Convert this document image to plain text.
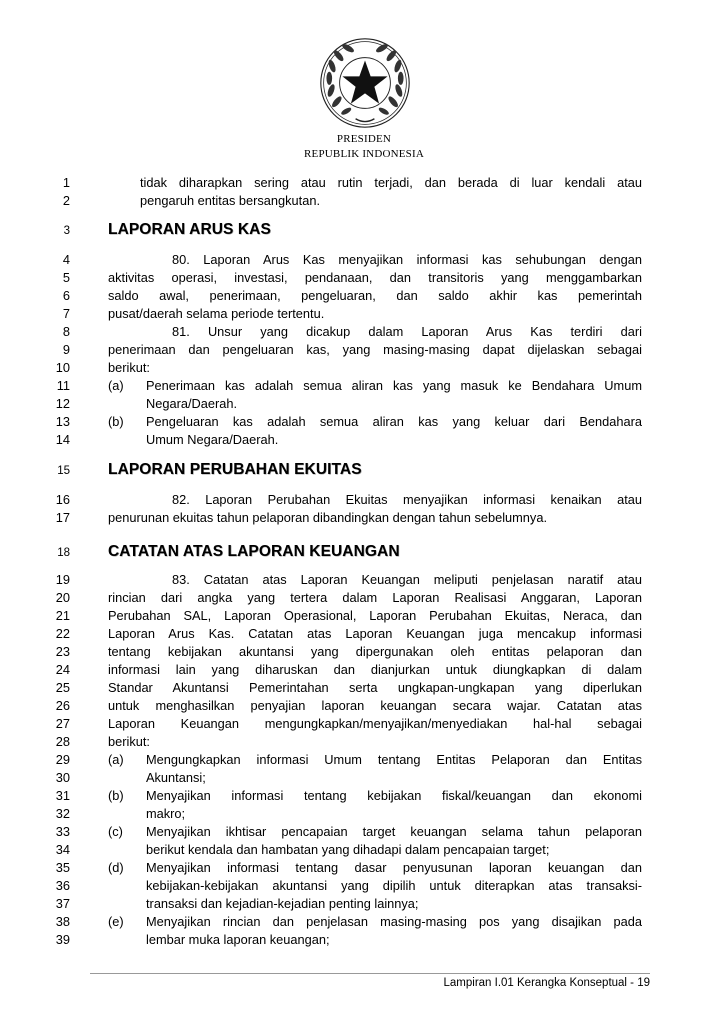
PRESIDEN
REPUBLIK INDONESIA
1
2
3
4
5
6
7
8
9
10
11
12
13
14
15
16
17
18
19
20
21
22
23
24
25
26
27
28
29
30
31
32
33
34
35
36
37
38
39
tidak diharapkan sering atau rutin terjadi, dan berada di luar kendali atau
pengaruh entitas bersangkutan.
LAPORAN ARUS KAS
80. Laporan Arus Kas menyajikan informasi kas sehubungan dengan
aktivitas operasi, investasi, pendanaan, dan transitoris yang menggambarkan
saldo awal, penerimaan, pengeluaran, dan saldo akhir kas pemerintah
pusat/daerah selama periode tertentu.
81. Unsur yang dicakup dalam Laporan Arus Kas terdiri dari
penerimaan dan pengeluaran kas, yang masing-masing dapat dijelaskan sebagai
berikut:
(a) Penerimaan kas adalah semua aliran kas yang masuk ke Bendahara Umum
Negara/Daerah.
(b) Pengeluaran kas adalah semua aliran kas yang keluar dari Bendahara
Umum Negara/Daerah.
LAPORAN PERUBAHAN EKUITAS
82. Laporan Perubahan Ekuitas menyajikan informasi kenaikan atau
penurunan ekuitas tahun pelaporan dibandingkan dengan tahun sebelumnya.
CATATAN ATAS LAPORAN KEUANGAN
83. Catatan atas Laporan Keuangan meliputi penjelasan naratif atau
rincian dari angka yang tertera dalam Laporan Realisasi Anggaran, Laporan
Perubahan SAL, Laporan Operasional, Laporan Perubahan Ekuitas, Neraca, dan
Laporan Arus Kas. Catatan atas Laporan Keuangan juga mencakup informasi
tentang kebijakan akuntansi yang dipergunakan oleh entitas pelaporan dan
informasi lain yang diharuskan dan dianjurkan untuk diungkapkan di dalam
Standar Akuntansi Pemerintahan serta ungkapan-ungkapan yang diperlukan
untuk menghasilkan penyajian laporan keuangan secara wajar. Catatan atas
Laporan Keuangan mengungkapkan/menyajikan/menyediakan hal-hal sebagai
berikut:
(a) Mengungkapkan informasi Umum tentang Entitas Pelaporan dan Entitas
Akuntansi;
(b) Menyajikan informasi tentang kebijakan fiskal/keuangan dan ekonomi
makro;
(c) Menyajikan ikhtisar pencapaian target keuangan selama tahun pelaporan
berikut kendala dan hambatan yang dihadapi dalam pencapaian target;
(d) Menyajikan informasi tentang dasar penyusunan laporan keuangan dan
kebijakan-kebijakan akuntansi yang dipilih untuk diterapkan atas transaksi-
transaksi dan kejadian-kejadian penting lainnya;
(e) Menyajikan rincian dan penjelasan masing-masing pos yang disajikan pada
lembar muka laporan keuangan;
Lampiran I.01 Kerangka Konseptual - 19
